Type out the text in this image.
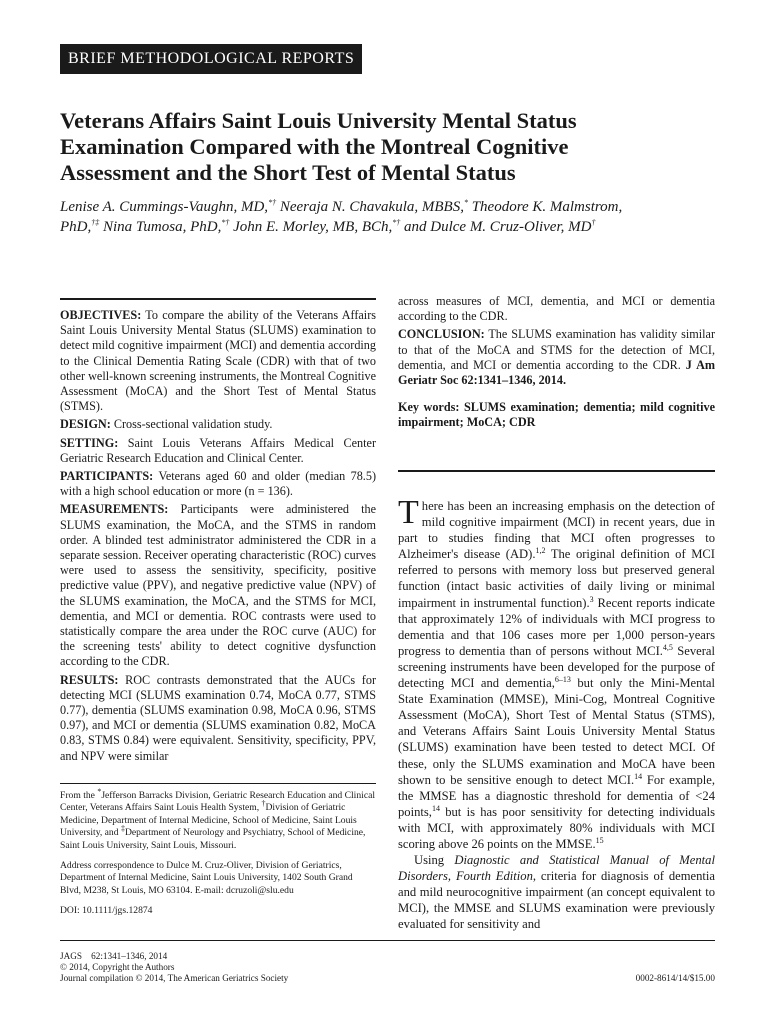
BRIEF METHODOLOGICAL REPORTS
Veterans Affairs Saint Louis University Mental Status
Examination Compared with the Montreal Cognitive
Assessment and the Short Test of Mental Status
Lenise A. Cummings-Vaughn, MD,*† Neeraja N. Chavakula, MBBS,* Theodore K. Malmstrom,
PhD,†‡ Nina Tumosa, PhD,*† John E. Morley, MB, BCh,*† and Dulce M. Cruz-Oliver, MD†

OBJECTIVES: To compare the ability of the Veterans Affairs Saint Louis University Mental Status (SLUMS) examination to detect mild cognitive impairment (MCI) and dementia according to the Clinical Dementia Rating Scale (CDR) with that of two other well-known screening instruments, the Montreal Cognitive Assessment (MoCA) and the Short Test of Mental Status (STMS).

DESIGN: Cross-sectional validation study.

SETTING: Saint Louis Veterans Affairs Medical Center Geriatric Research Education and Clinical Center.

PARTICIPANTS: Veterans aged 60 and older (median 78.5) with a high school education or more (n = 136).

MEASUREMENTS: Participants were administered the SLUMS examination, the MoCA, and the STMS in random order. A blinded test administrator administered the CDR in a separate session. Receiver operating characteristic (ROC) curves were used to assess the sensitivity, specificity, positive predictive value (PPV), and negative predictive value (NPV) of the SLUMS examination, the MoCA, and the STMS for MCI, dementia, and MCI or dementia. ROC contrasts were used to statistically compare the area under the ROC curve (AUC) for the screening tests' ability to detect cognitive dysfunction according to the CDR.

RESULTS: ROC contrasts demonstrated that the AUCs for detecting MCI (SLUMS examination 0.74, MoCA 0.77, STMS 0.77), dementia (SLUMS examination 0.98, MoCA 0.96, STMS 0.97), and MCI or dementia (SLUMS examination 0.82, MoCA 0.83, STMS 0.84) were equivalent. Sensitivity, specificity, PPV, and NPV were similar

across measures of MCI, dementia, and MCI or dementia according to the CDR.

CONCLUSION: The SLUMS examination has validity similar to that of the MoCA and STMS for the detection of MCI, dementia, and MCI or dementia according to the CDR. J Am Geriatr Soc 62:1341–1346, 2014.

Key words: SLUMS examination; dementia; mild cognitive impairment; MoCA; CDR

There has been an increasing emphasis on the detection of mild cognitive impairment (MCI) in recent years, due in part to studies finding that MCI often progresses to Alzheimer's disease (AD).$^{1,2}$ The original definition of MCI referred to persons with memory loss but preserved general function (intact basic activities of daily living or minimal impairment in instrumental function).$^3$ Recent reports indicate that approximately 12% of individuals with MCI progress to dementia and that 106 cases more per 1,000 person-years progress to dementia than of persons without MCI.$^{4,5}$ Several screening instruments have been developed for the purpose of detecting MCI and dementia,$^{6-13}$ but only the Mini-Mental State Examination (MMSE), Mini-Cog, Montreal Cognitive Assessment (MoCA), Short Test of Mental Status (STMS), and Veterans Affairs Saint Louis University Mental Status (SLUMS) examination have been tested to detect MCI. Of these, only the SLUMS examination and MoCA have been shown to be sensitive enough to detect MCI.$^{14}$ For example, the MMSE has a diagnostic threshold for dementia of <24 points,$^{14}$ but is has poor sensitivity for detecting individuals with MCI, with approximately 80% individuals with MCI scoring above 26 points on the MMSE.$^{15}$

Using Diagnostic and Statistical Manual of Mental Disorders, Fourth Edition, criteria for diagnosis of dementia and mild neurocognitive impairment (an concept equivalent to MCI), the MMSE and SLUMS examination were previously evaluated for sensitivity and

From the *Jefferson Barracks Division, Geriatric Research Education and Clinical Center, Veterans Affairs Saint Louis Health System, †Division of Geriatric Medicine, Department of Internal Medicine, School of Medicine, Saint Louis University, and ‡Department of Neurology and Psychiatry, School of Medicine, Saint Louis University, Saint Louis, Missouri.

Address correspondence to Dulce M. Cruz-Oliver, Division of Geriatrics, Department of Internal Medicine, Saint Louis University, 1402 South Grand Blvd, M238, St Louis, MO 63104. E-mail: dcruzoli@slu.edu

DOI: 10.1111/jgs.12874

JAGS    62:1341–1346, 2014
© 2014, Copyright the Authors
Journal compilation © 2014, The American Geriatrics Society	0002-8614/14/$15.00
